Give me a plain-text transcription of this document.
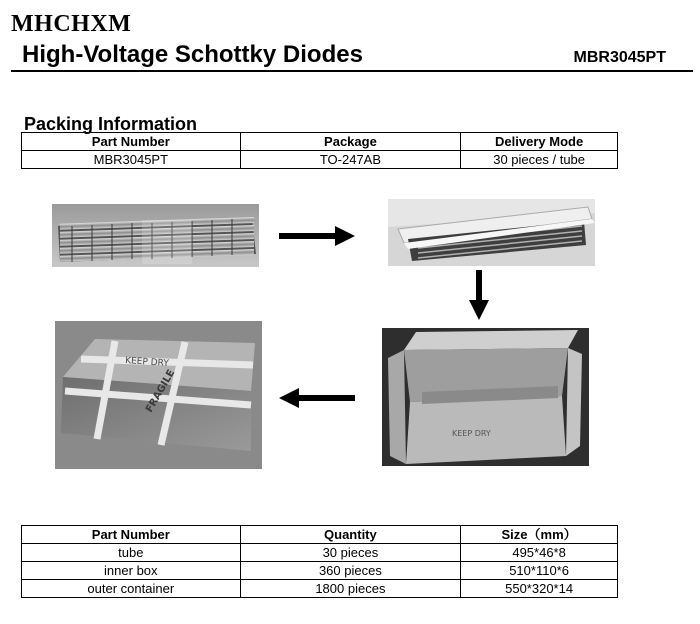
MHCHXM
High-Voltage Schottky Diodes	MBR3045PT
Packing Information
Part Number	Package	Delivery Mode
MBR3045PT	TO-247AB	30 pieces / tube
KEEP DRY
FRAGILE
KEEP DRY
Part Number	Quantity	Size（mm）
tube	30 pieces	495*46*8
inner box	360 pieces	510*110*6
outer container	1800 pieces	550*320*14
